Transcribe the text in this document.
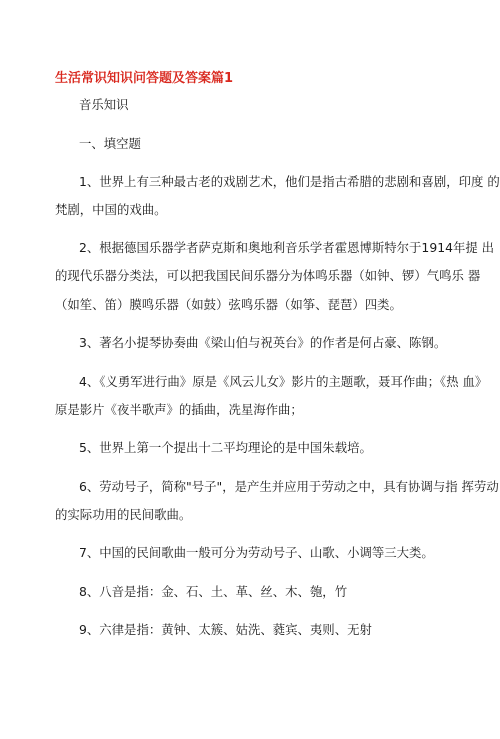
生活常识知识问答题及答案篇1
音乐知识
一、填空题
1、世界上有三种最古老的戏剧艺术，他们是指古希腊的悲剧和喜剧，印度 的
梵剧，中国的戏曲。
2、根据德国乐器学者萨克斯和奥地利音乐学者霍恩博斯特尔于1914年提 出
的现代乐器分类法，可以把我国民间乐器分为体鸣乐器（如钟、锣）气鸣乐 器
（如笙、笛）膜鸣乐器（如鼓）弦鸣乐器（如筝、琵琶）四类。
3、著名小提琴协奏曲《梁山伯与祝英台》的作者是何占豪、陈钢。
4、《义勇军进行曲》原是《风云儿女》影片的主题歌，聂耳作曲；《热 血》
原是影片《夜半歌声》的插曲，冼星海作曲；
5、世界上第一个提出十二平均理论的是中国朱载培。
6、劳动号子，简称"号子"，是产生并应用于劳动之中，具有协调与指 挥劳动
的实际功用的民间歌曲。
7、中国的民间歌曲一般可分为劳动号子、山歌、小调等三大类。
8、八音是指：金、石、土、革、丝、木、匏，竹
9、六律是指：黄钟、太簇、姑洗、蕤宾、夷则、无射
